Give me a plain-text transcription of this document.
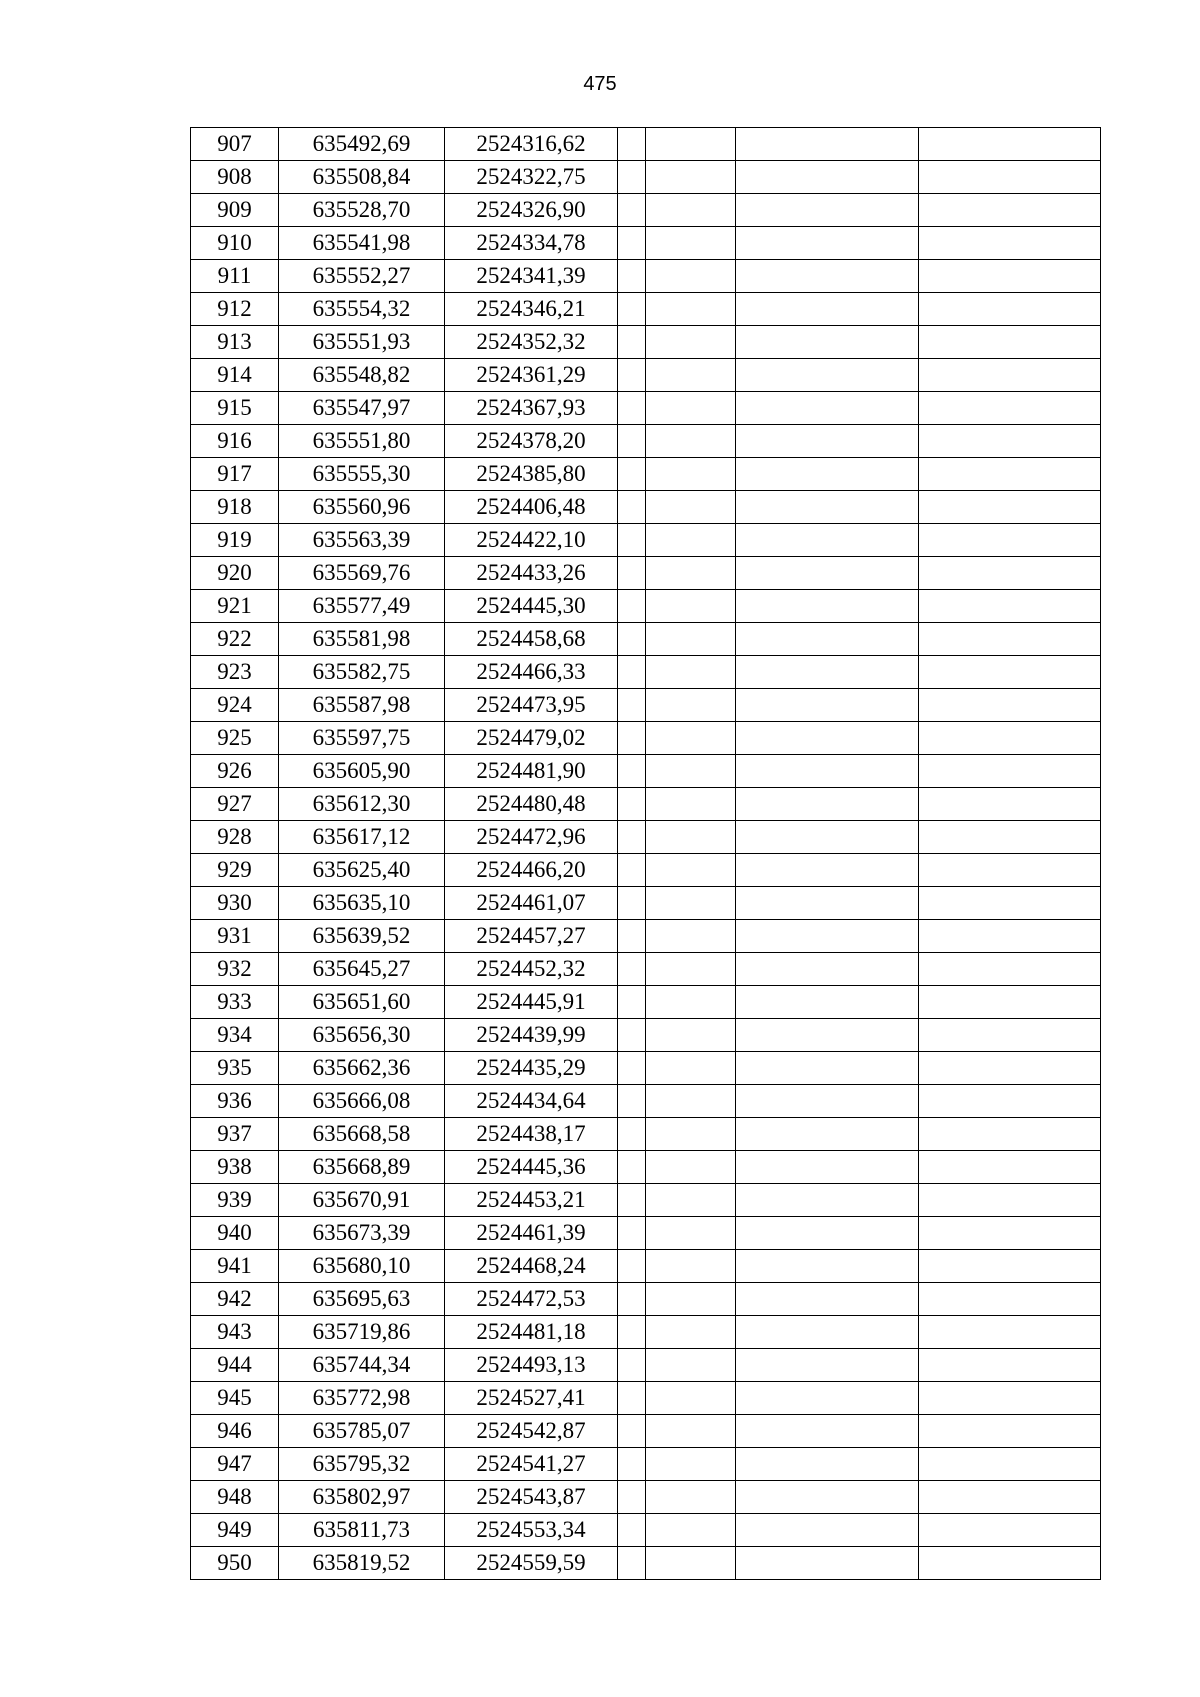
475
907	635492,69	2524316,62				
908	635508,84	2524322,75				
909	635528,70	2524326,90				
910	635541,98	2524334,78				
911	635552,27	2524341,39				
912	635554,32	2524346,21				
913	635551,93	2524352,32				
914	635548,82	2524361,29				
915	635547,97	2524367,93				
916	635551,80	2524378,20				
917	635555,30	2524385,80				
918	635560,96	2524406,48				
919	635563,39	2524422,10				
920	635569,76	2524433,26				
921	635577,49	2524445,30				
922	635581,98	2524458,68				
923	635582,75	2524466,33				
924	635587,98	2524473,95				
925	635597,75	2524479,02				
926	635605,90	2524481,90				
927	635612,30	2524480,48				
928	635617,12	2524472,96				
929	635625,40	2524466,20				
930	635635,10	2524461,07				
931	635639,52	2524457,27				
932	635645,27	2524452,32				
933	635651,60	2524445,91				
934	635656,30	2524439,99				
935	635662,36	2524435,29				
936	635666,08	2524434,64				
937	635668,58	2524438,17				
938	635668,89	2524445,36				
939	635670,91	2524453,21				
940	635673,39	2524461,39				
941	635680,10	2524468,24				
942	635695,63	2524472,53				
943	635719,86	2524481,18				
944	635744,34	2524493,13				
945	635772,98	2524527,41				
946	635785,07	2524542,87				
947	635795,32	2524541,27				
948	635802,97	2524543,87				
949	635811,73	2524553,34				
950	635819,52	2524559,59				
